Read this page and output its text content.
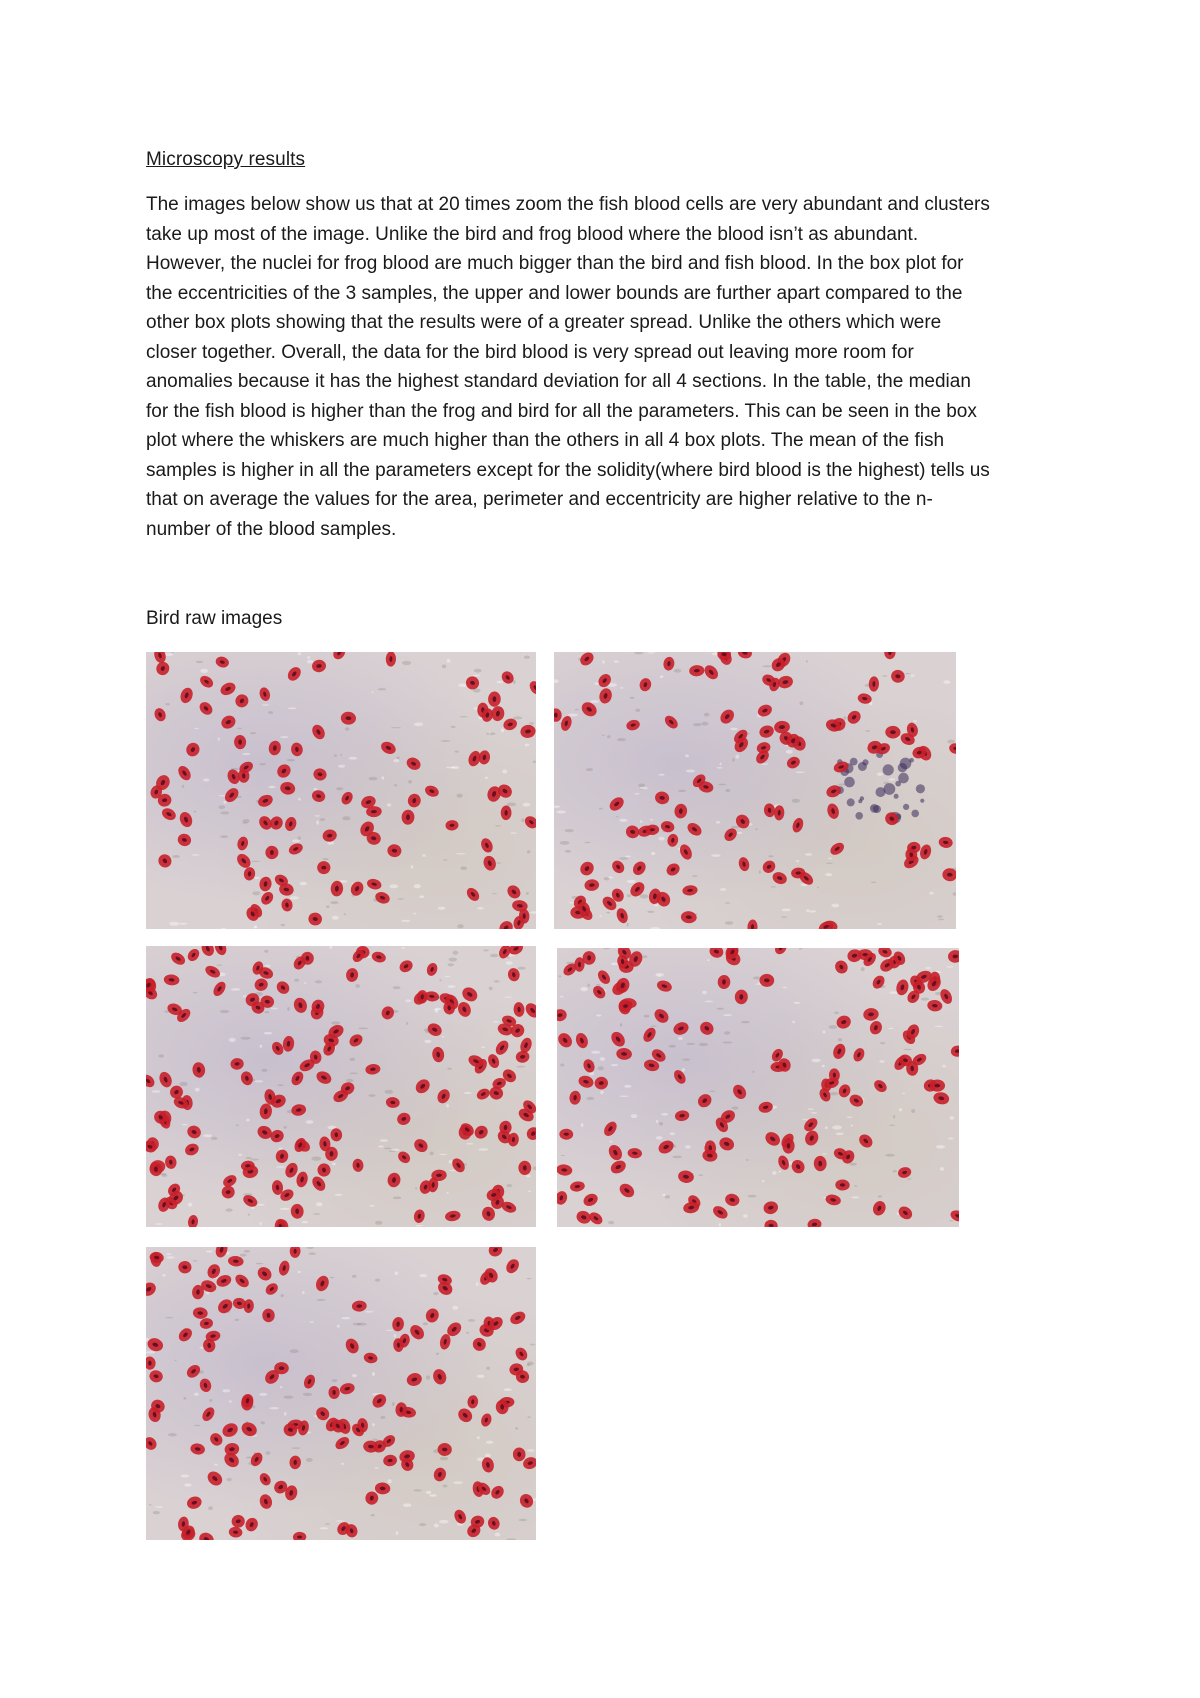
Microscopy results

The images below show us that at 20 times zoom the fish blood cells are very abundant and clusters
take up most of the image. Unlike the bird and frog blood where the blood isn’t as abundant.
However, the nuclei for frog blood are much bigger than the bird and fish blood. In the box plot for
the eccentricities of the 3 samples, the upper and lower bounds are further apart compared to the
other box plots showing that the results were of a greater spread. Unlike the others which were
closer together. Overall, the data for the bird blood is very spread out leaving more room for
anomalies because it has the highest standard deviation for all 4 sections. In the table, the median
for the fish blood is higher than the frog and bird for all the parameters. This can be seen in the box
plot where the whiskers are much higher than the others in all 4 box plots. The mean of the fish
samples is higher in all the parameters except for the solidity(where bird blood is the highest) tells us
that on average the values for the area, perimeter and eccentricity are higher relative to the n-
number of the blood samples.

Bird raw images
